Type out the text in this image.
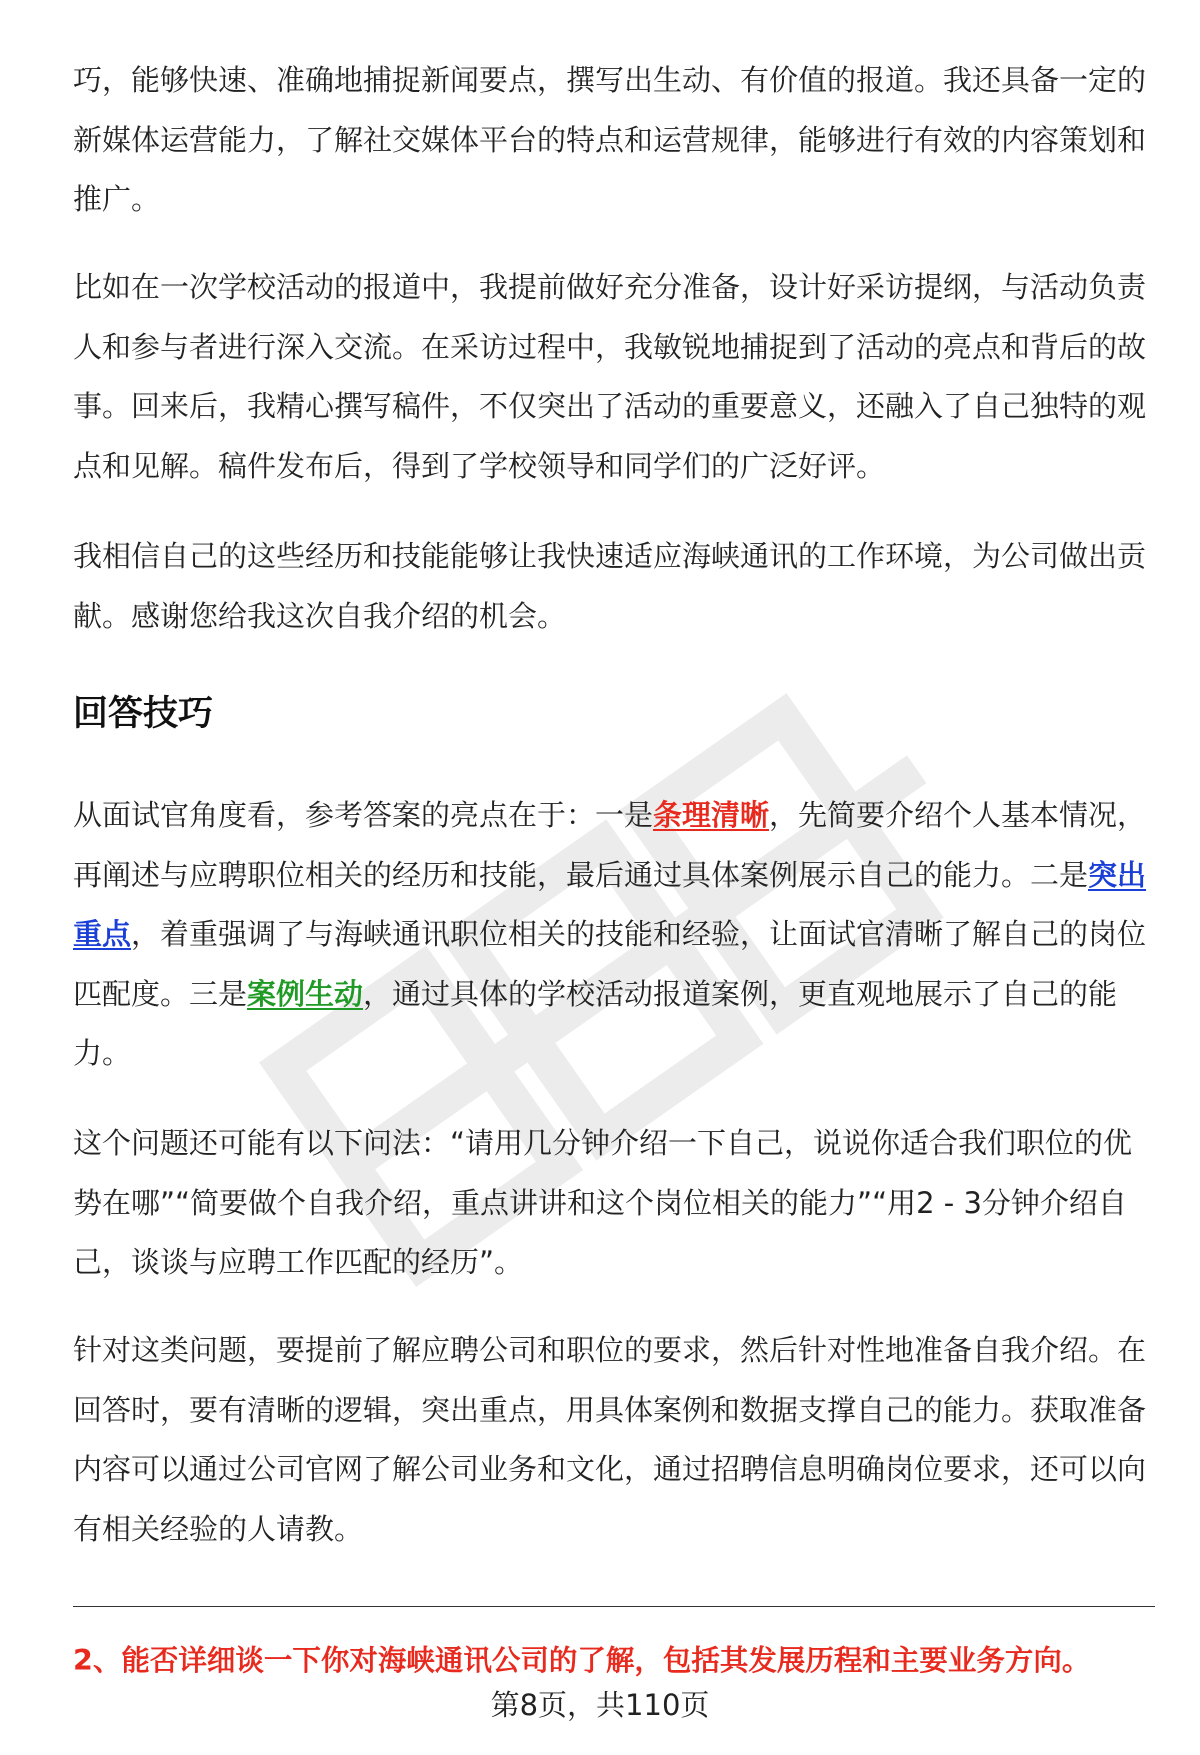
巧，能够快速、准确地捕捉新闻要点，撰写出生动、有价值的报道。我还具备一定的新媒体运营能力，了解社交媒体平台的特点和运营规律，能够进行有效的内容策划和推广。

比如在一次学校活动的报道中，我提前做好充分准备，设计好采访提纲，与活动负责人和参与者进行深入交流。在采访过程中，我敏锐地捕捉到了活动的亮点和背后的故事。回来后，我精心撰写稿件，不仅突出了活动的重要意义，还融入了自己独特的观点和见解。稿件发布后，得到了学校领导和同学们的广泛好评。

我相信自己的这些经历和技能能够让我快速适应海峡通讯的工作环境，为公司做出贡献。感谢您给我这次自我介绍的机会。

回答技巧

从面试官角度看，参考答案的亮点在于：一是条理清晰，先简要介绍个人基本情况，再阐述与应聘职位相关的经历和技能，最后通过具体案例展示自己的能力。二是突出重点，着重强调了与海峡通讯职位相关的技能和经验，让面试官清晰了解自己的岗位匹配度。三是案例生动，通过具体的学校活动报道案例，更直观地展示了自己的能力。

这个问题还可能有以下问法：“请用几分钟介绍一下自己，说说你适合我们职位的优势在哪”“简要做个自我介绍，重点讲讲和这个岗位相关的能力”“用2 - 3分钟介绍自己，谈谈与应聘工作匹配的经历”。

针对这类问题，要提前了解应聘公司和职位的要求，然后针对性地准备自我介绍。在回答时，要有清晰的逻辑，突出重点，用具体案例和数据支撑自己的能力。获取准备内容可以通过公司官网了解公司业务和文化，通过招聘信息明确岗位要求，还可以向有相关经验的人请教。

2、能否详细谈一下你对海峡通讯公司的了解，包括其发展历程和主要业务方向。

第8页，共110页
